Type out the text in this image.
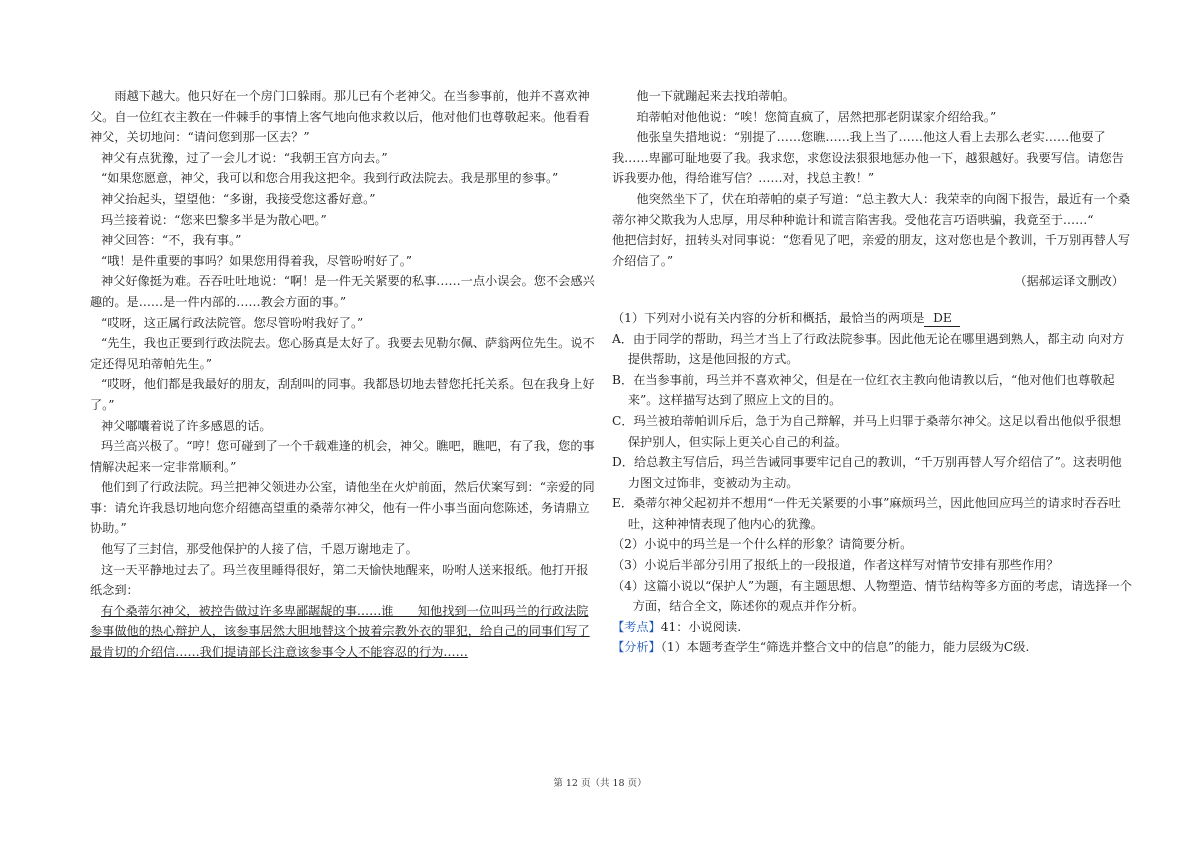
雨越下越大。他只好在一个房门口躲雨。那儿已有个老神父。在当参事前，他并不喜欢神父。自一位红衣主教在一件棘手的事情上客气地向他求救以后，他对他们也尊敬起来。他看看神父，关切地问：“请问您到那一区去？”

神父有点犹豫，过了一会儿才说：“我朝王宫方向去。”

“如果您愿意，神父，我可以和您合用我这把伞。我到行政法院去。我是那里的参事。”

神父抬起头，望望他：“多谢，我接受您这番好意。”

玛兰接着说：“您来巴黎多半是为散心吧。”

神父回答：“不，我有事。”

“哦！是件重要的事吗？如果您用得着我，尽管吩咐好了。”

神父好像挺为难。吞吞吐吐地说：“啊！是一件无关紧要的私事……一点小误会。您不会感兴趣的。是……是一件内部的……教会方面的事。”

“哎呀，这正属行政法院管。您尽管吩咐我好了。”

“先生，我也正要到行政法院去。您心肠真是太好了。我要去见勒尔佩、萨翁两位先生。说不定还得见珀蒂帕先生。”

“哎呀，他们都是我最好的朋友，刮刮叫的同事。我都恳切地去替您托托关系。包在我身上好了。”

神父嘟囔着说了许多感恩的话。

玛兰高兴极了。“哼！您可碰到了一个千载难逢的机会，神父。瞧吧，瞧吧，有了我，您的事情解决起来一定非常顺利。”

他们到了行政法院。玛兰把神父领进办公室，请他坐在火炉前面，然后伏案写到：“亲爱的同事：请允许我恳切地向您介绍德高望重的桑蒂尔神父，他有一件小事当面向您陈述，务请鼎立协助。”

他写了三封信，那受他保护的人接了信，千恩万谢地走了。

这一天平静地过去了。玛兰夜里睡得很好，第二天愉快地醒来，吩咐人送来报纸。他打开报纸念到：

有个桑蒂尔神父，被控告做过许多卑鄙龌龊的事……谁　　知他找到一位叫玛兰的行政法院参事做他的热心辩护人，该参事居然大胆地替这个披着宗教外衣的罪犯，给自己的同事们写了最肯切的介绍信……我们提请部长注意该参事令人不能容忍的行为……

他一下就蹦起来去找珀蒂帕。

珀蒂帕对他他说：“唉！您简直疯了，居然把那老阴谋家介绍给我。”

他张皇失措地说：“别提了……您瞧……我上当了……他这人看上去那么老实……他耍了我……卑鄙可耻地耍了我。我求您，求您设法狠狠地惩办他一下，越狠越好。我要写信。请您告诉我要办他，得给谁写信？……对，找总主教！”

他突然坐下了，伏在珀蒂帕的桌子写道：“总主教大人：我荣幸的向阁下报告，最近有一个桑蒂尔神父欺我为人忠厚，用尽种种诡计和谎言陷害我。受他花言巧语哄骗，我竟至于……“

他把信封好，扭转头对同事说：“您看见了吧，亲爱的朋友，这对您也是个教训，千万别再替人写介绍信了。”

（据郝运译文删改）

（1）下列对小说有关内容的分析和概括，最恰当的两项是 DE

A．由于同学的帮助，玛兰才当上了行政法院参事。因此他无论在哪里遇到熟人，都主动 向对方提供帮助，这是他回报的方式。

B．在当参事前，玛兰并不喜欢神父，但是在一位红衣主教向他请教以后，“他对他们也尊敬起来”。这样描写达到了照应上文的目的。

C．玛兰被珀蒂帕训斥后，急于为自己辩解，并马上归罪于桑蒂尔神父。这足以看出他似乎很想保护别人，但实际上更关心自己的利益。

D．给总教主写信后，玛兰告诫同事要牢记自己的教训，“千万别再替人写介绍信了”。这表明他力图文过饰非，变被动为主动。

E．桑蒂尔神父起初并不想用“一件无关紧要的小事”麻烦玛兰，因此他回应玛兰的请求时吞吞吐吐，这种神情表现了他内心的犹豫。

（2）小说中的玛兰是一个什么样的形象？请简要分析。

（3）小说后半部分引用了报纸上的一段报道，作者这样写对情节安排有那些作用？

（4）这篇小说以“保护人”为题，有主题思想、人物塑造、情节结构等多方面的考虑，请选择一个方面，结合全文，陈述你的观点并作分析。

【考点】41：小说阅读.

【分析】（1）本题考查学生“筛选并整合文中的信息”的能力，能力层级为C级.

第 12 页（共 18 页）
